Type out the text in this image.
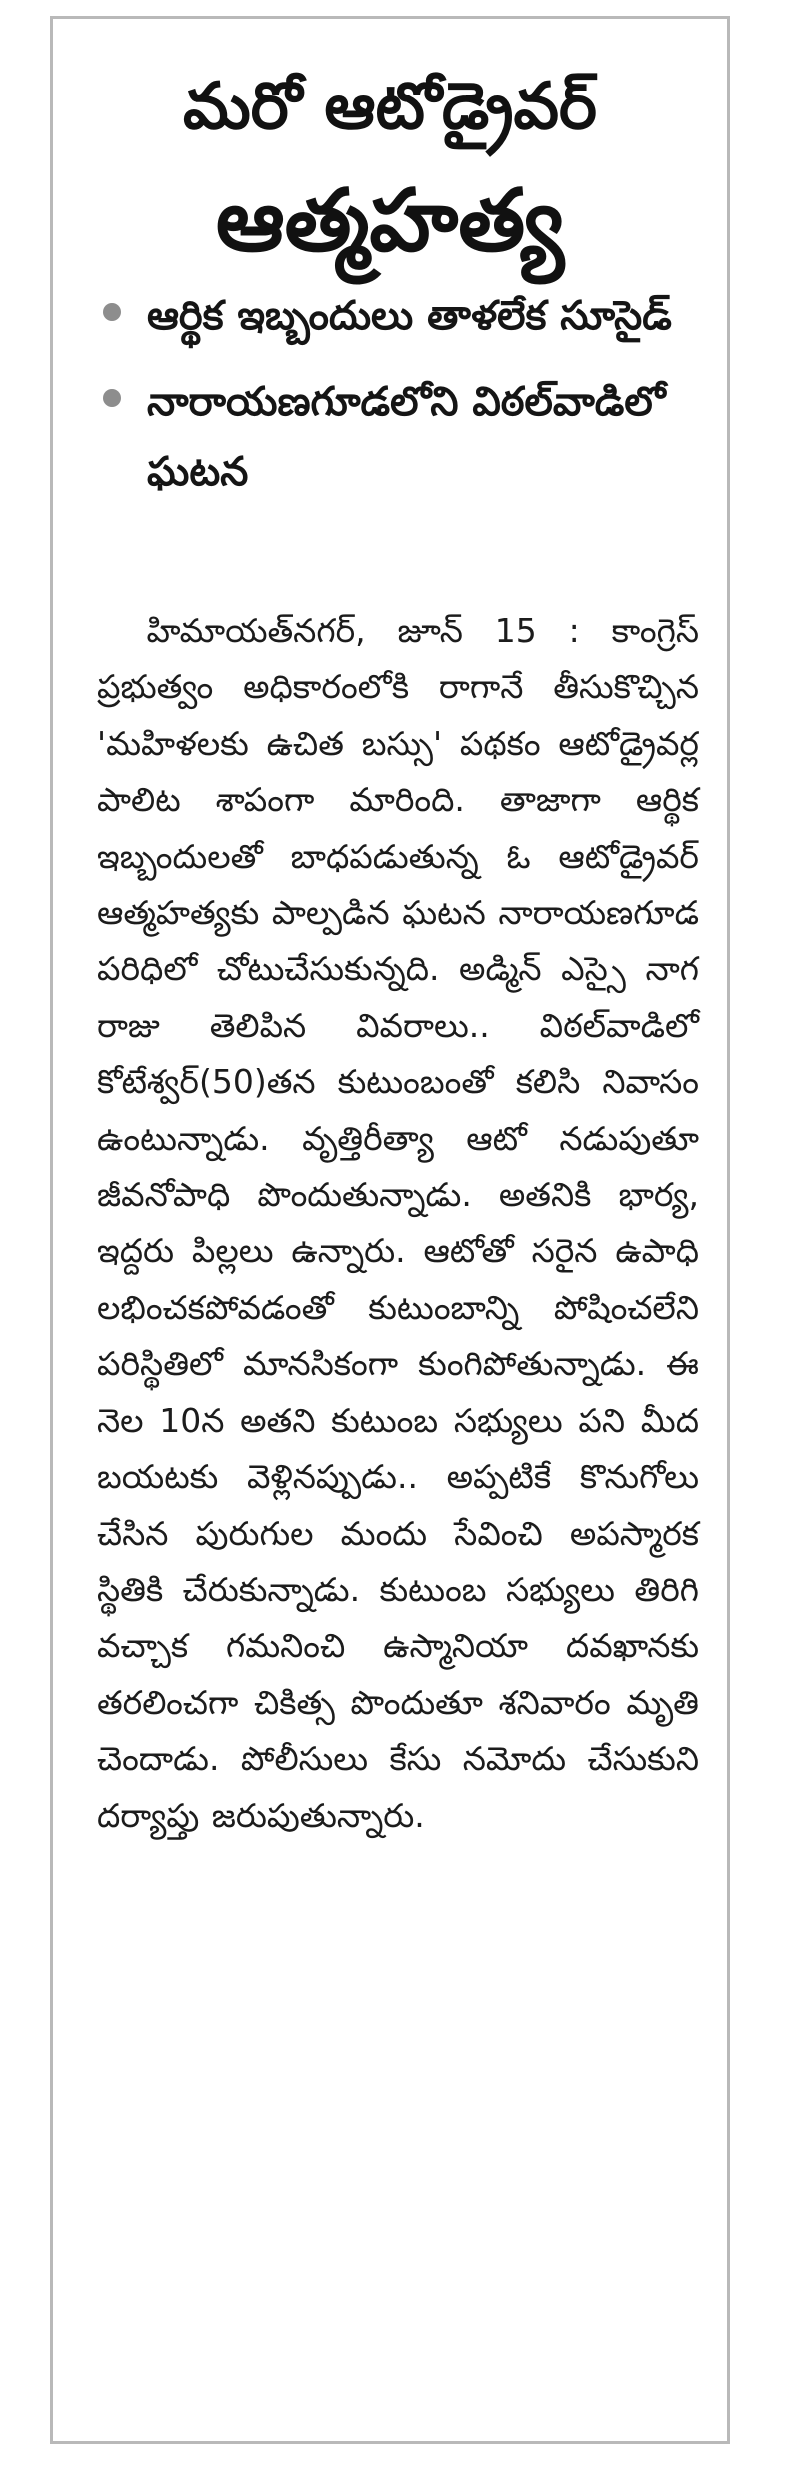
మరో ఆటోడ్రైవర్
ఆత్మహత్య
ఆర్థిక ఇబ్బందులు తాళలేక సూసైడ్
నారాయణగూడలోని విఠల్‌వాడిలో ఘటన

హిమాయత్‌నగర్, జూన్ 15 : కాంగ్రెస్ ప్రభుత్వం అధికారంలోకి రాగానే తీసుకొచ్చిన 'మహిళలకు ఉచిత బస్సు' పథకం ఆటోడ్రైవర్ల పాలిట శాపంగా మారింది. తాజాగా ఆర్థిక ఇబ్బందులతో బాధపడుతున్న ఓ ఆటోడ్రైవర్ ఆత్మహత్యకు పాల్పడిన ఘటన నారాయణగూడ పరిధిలో చోటుచేసుకున్నది. అడ్మిన్ ఎస్సై నాగ రాజు తెలిపిన వివరాలు.. విఠల్‌వాడిలో కోటేశ్వర్(50)తన కుటుంబంతో కలిసి నివాసం ఉంటున్నాడు. వృత్తిరీత్యా ఆటో నడుపుతూ జీవనోపాధి పొందుతున్నాడు. అతనికి భార్య, ఇద్దరు పిల్లలు ఉన్నారు. ఆటోతో సరైన ఉపాధి లభించకపోవడంతో కుటుంబాన్ని పోషించలేని పరిస్థితిలో మానసికంగా కుంగిపోతున్నాడు. ఈ నెల 10న అతని కుటుంబ సభ్యులు పని మీద బయటకు వెళ్లినప్పుడు.. అప్పటికే కొనుగోలు చేసిన పురుగుల మందు సేవించి అపస్మారక స్థితికి చేరుకున్నాడు. కుటుంబ సభ్యులు తిరిగి వచ్చాక గమనించి ఉస్మానియా దవఖానకు తరలించగా చికిత్స పొందుతూ శనివారం మృతి చెందాడు. పోలీసులు కేసు నమోదు చేసుకుని దర్యాప్తు జరుపుతున్నారు.
